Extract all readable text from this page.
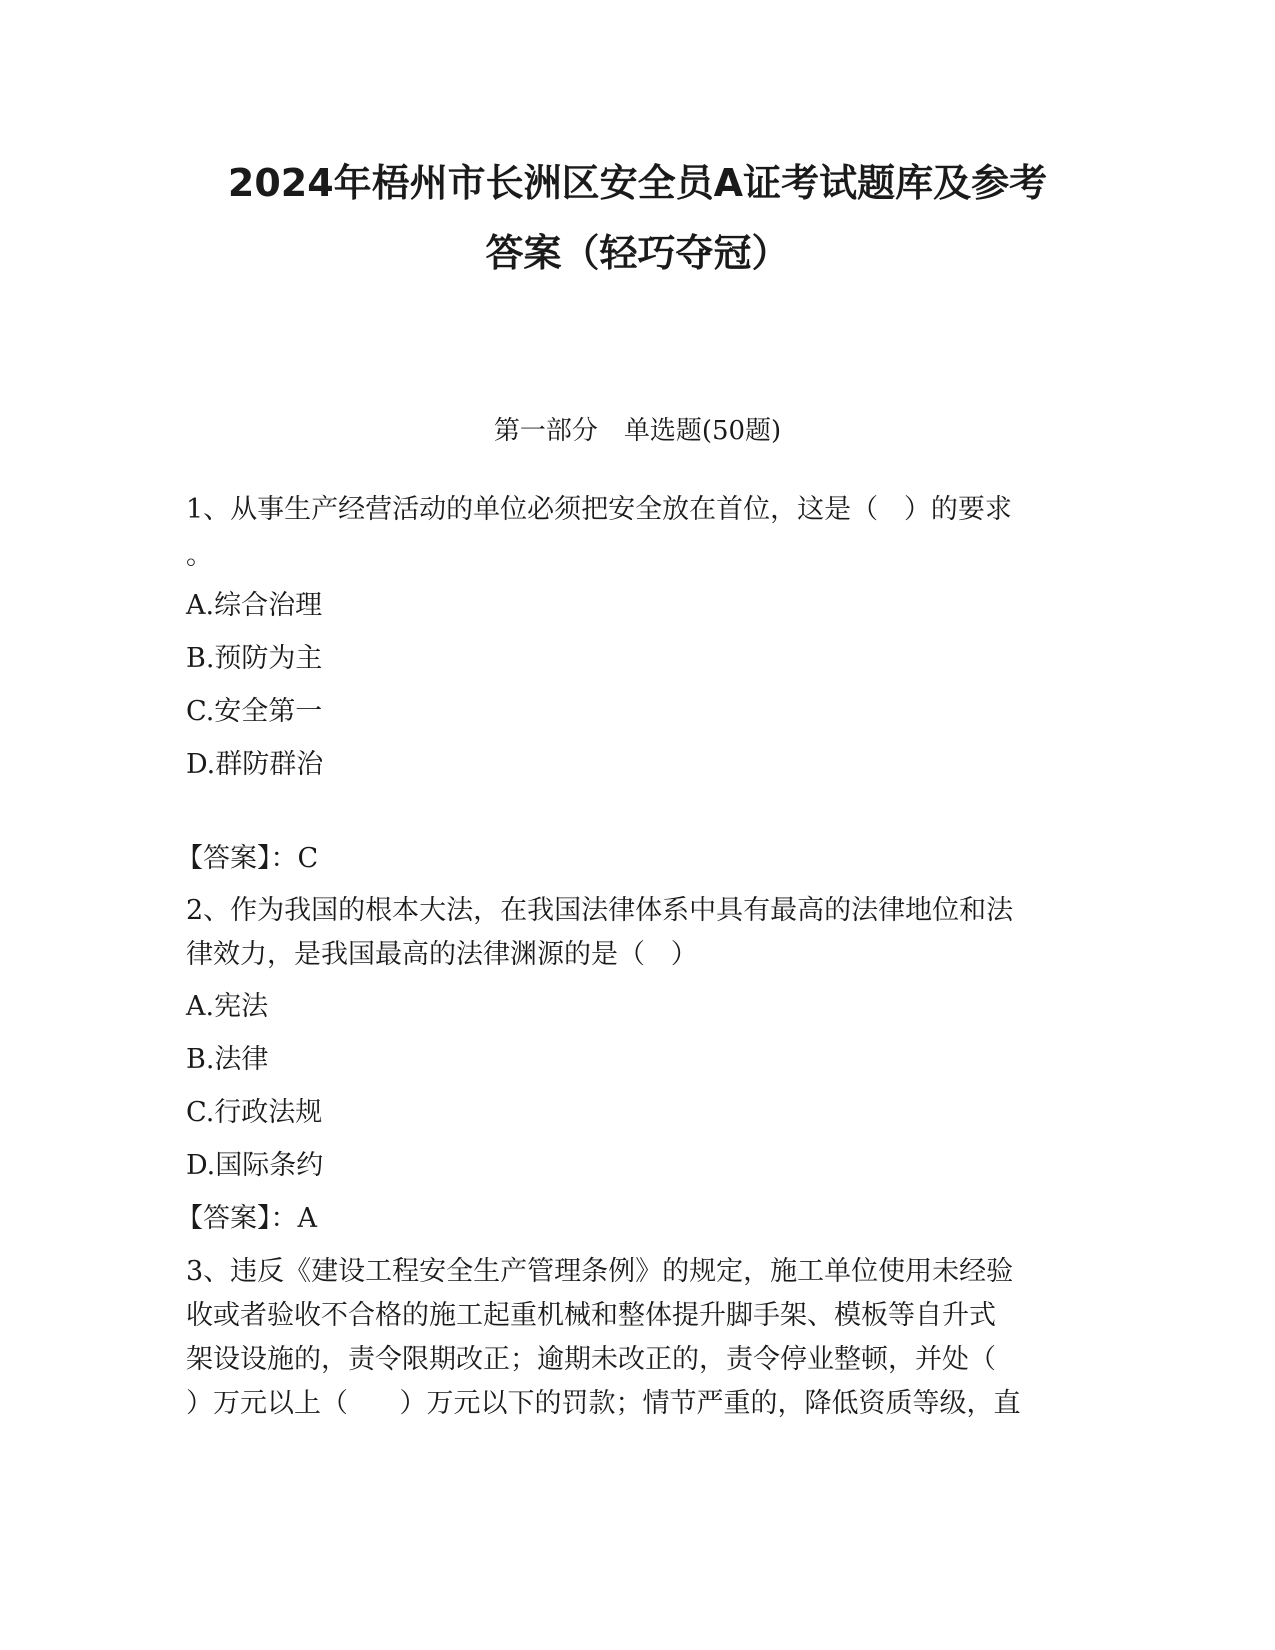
2024年梧州市长洲区安全员A证考试题库及参考
答案（轻巧夺冠）
第一部分　单选题(50题)
1、从事生产经营活动的单位必须把安全放在首位，这是（   ）的要求
。
A.综合治理
B.预防为主
C.安全第一
D.群防群治
【答案】：C
2、作为我国的根本大法，在我国法律体系中具有最高的法律地位和法
律效力，是我国最高的法律渊源的是（   ）
A.宪法
B.法律
C.行政法规
D.国际条约
【答案】：A
3、违反《建设工程安全生产管理条例》的规定，施工单位使用未经验
收或者验收不合格的施工起重机械和整体提升脚手架、模板等自升式
架设设施的，责令限期改正；逾期未改正的，责令停业整顿，并处（
）万元以上（      ）万元以下的罚款；情节严重的，降低资质等级，直
